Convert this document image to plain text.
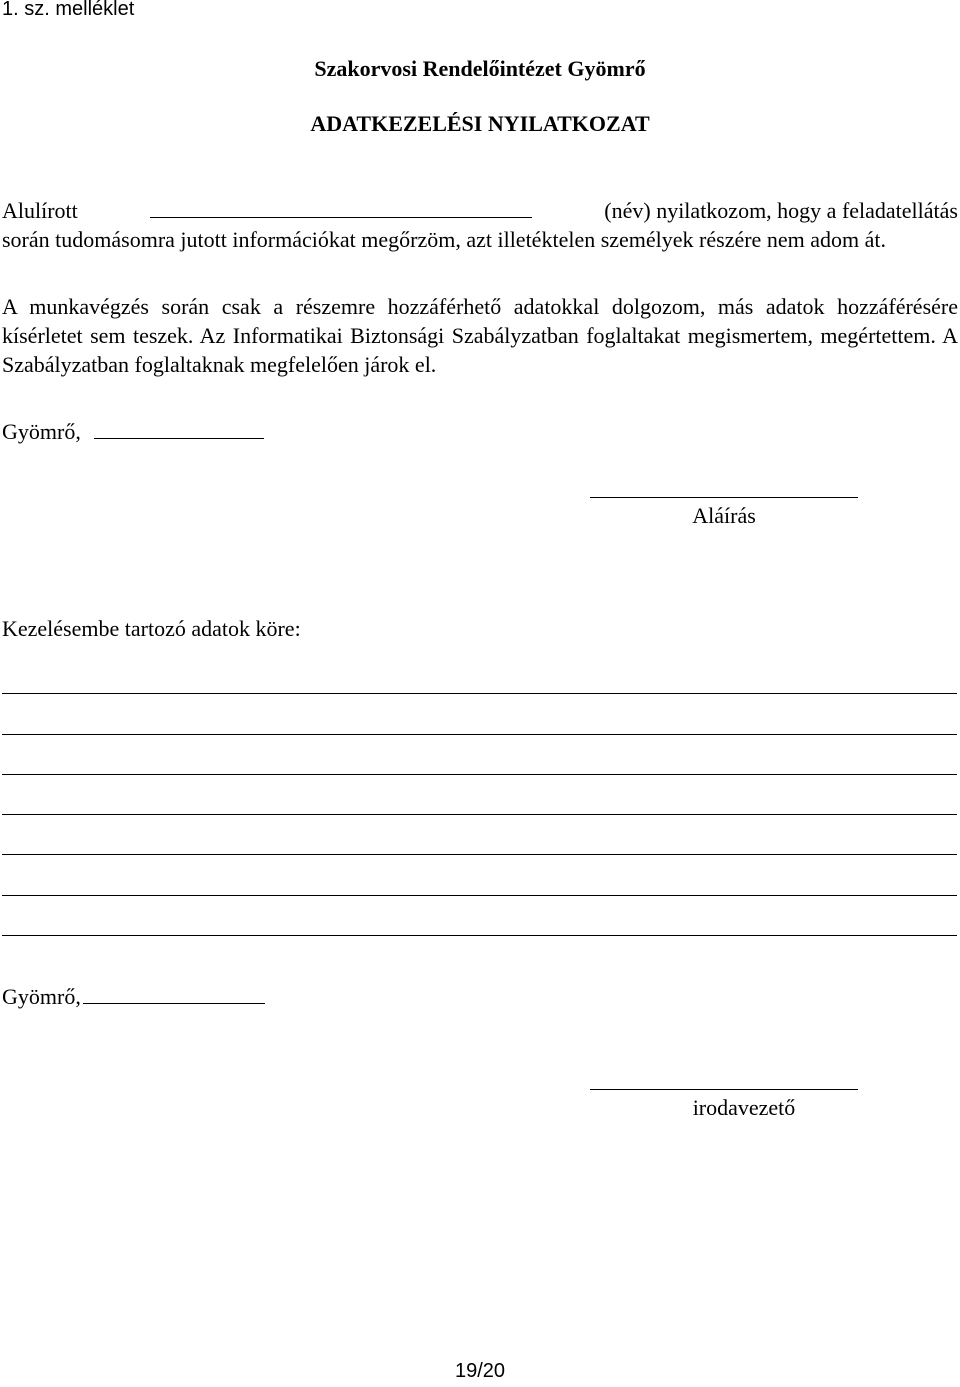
1. sz. melléklet
Szakorvosi Rendelőintézet Gyömrő
ADATKEZELÉSI NYILATKOZAT
Alulírott	(név) nyilatkozom, hogy a feladatellátás
során tudomásomra jutott információkat megőrzöm, azt illetéktelen személyek részére nem adom át.
A munkavégzés során csak a részemre hozzáférhető adatokkal dolgozom, más adatok hozzáférésére kísérletet sem teszek. Az Informatikai Biztonsági Szabályzatban foglaltakat megismertem, megértettem. A Szabályzatban foglaltaknak megfelelően járok el.
Gyömrő,
Aláírás
Kezelésembe tartozó adatok köre:
Gyömrő,
irodavezető
19/20
